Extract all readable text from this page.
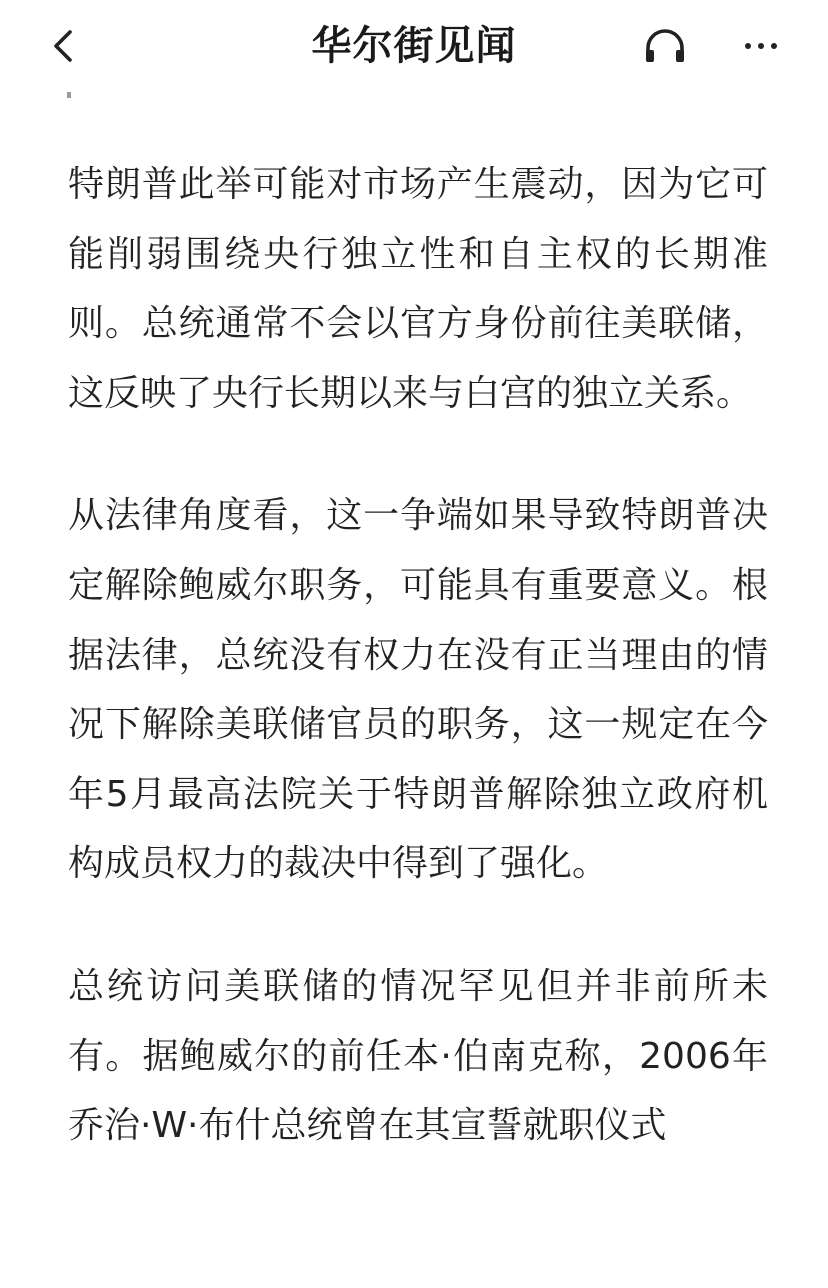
华尔街见闻

特朗普此举可能对市场产生震动，因为它可能削弱围绕央行独立性和自主权的长期准则。总统通常不会以官方身份前往美联储，这反映了央行长期以来与白宫的独立关系。

从法律角度看，这一争端如果导致特朗普决定解除鲍威尔职务，可能具有重要意义。根据法律，总统没有权力在没有正当理由的情况下解除美联储官员的职务，这一规定在今年5月最高法院关于特朗普解除独立政府机构成员权力的裁决中得到了强化。

总统访问美联储的情况罕见但并非前所未有。据鲍威尔的前任本·伯南克称，2006年乔治·W·布什总统曾在其宣誓就职仪式
